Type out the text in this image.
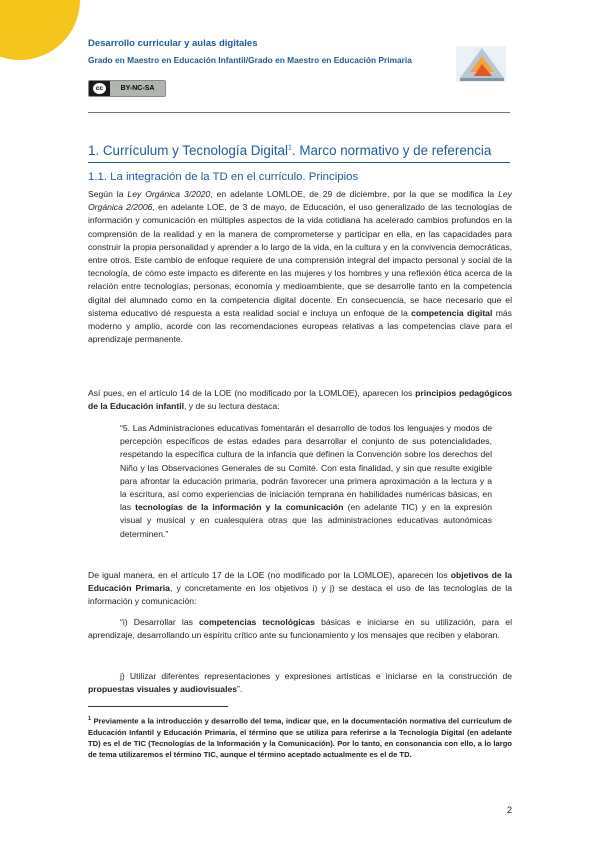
Desarrollo curricular y aulas digitales
Grado en Maestro en Educación Infantil/Grado en Maestro en Educación Primaria
cc	BY-NC-SA
1. Currículum y Tecnología Digital$^1$. Marco normativo y de referencia
1.1. La integración de la TD en el currículo. Principios

Según la Ley Orgánica 3/2020, en adelante LOMLOE, de 29 de diciembre, por la que se modifica la Ley Orgánica 2/2006, en adelante LOE, de 3 de mayo, de Educación, el uso generalizado de las tecnologías de información y comunicación en múltiples aspectos de la vida cotidiana ha acelerado cambios profundos en la comprensión de la realidad y en la manera de comprometerse y participar en ella, en las capacidades para construir la propia personalidad y aprender a lo largo de la vida, en la cultura y en la convivencia democráticas, entre otros. Este cambio de enfoque requiere de una comprensión integral del impacto personal y social de la tecnología, de cómo este impacto es diferente en las mujeres y los hombres y una reflexión ética acerca de la relación entre tecnologías, personas, economía y medioambiente, que se desarrolle tanto en la competencia digital del alumnado como en la competencia digital docente. En consecuencia, se hace necesario que el sistema educativo dé respuesta a esta realidad social e incluya un enfoque de la competencia digital más moderno y amplio, acorde con las recomendaciones europeas relativas a las competencias clave para el aprendizaje permanente.

Así pues, en el artículo 14 de la LOE (no modificado por la LOMLOE), aparecen los principios pedagógicos de la Educación infantil, y de su lectura destaca:

“5. Las Administraciones educativas fomentarán el desarrollo de todos los lenguajes y modos de percepción específicos de estas edades para desarrollar el conjunto de sus potencialidades, respetando la específica cultura de la infancia que definen la Convención sobre los derechos del Niño y las Observaciones Generales de su Comité. Con esta finalidad, y sin que resulte exigible para afrontar la educación primaria, podrán favorecer una primera aproximación a la lectura y a la escritura, así como experiencias de iniciación temprana en habilidades numéricas básicas, en las tecnologías de la información y la comunicación (en adelante TIC) y en la expresión visual y musical y en cualesquiera otras que las administraciones educativas autonómicas determinen.”

De igual manera, en el artículo 17 de la LOE (no modificado por la LOMLOE), aparecen los objetivos de la Educación Primaria, y concretamente en los objetivos i) y j) se destaca el uso de las tecnologías de la información y comunicación:

“i) Desarrollar las competencias tecnológicas básicas e iniciarse en su utilización, para el aprendizaje, desarrollando un espíritu crítico ante su funcionamiento y los mensajes que reciben y elaboran.

j) Utilizar diferentes representaciones y expresiones artísticas e iniciarse en la construcción de propuestas visuales y audiovisuales”.

$^1$ Previamente a la introducción y desarrollo del tema, indicar que, en la documentación normativa del currículum de Educación Infantil y Educación Primaria, el término que se utiliza para referirse a la Tecnología Digital (en adelante TD) es el de TIC (Tecnologías de la Información y la Comunicación). Por lo tanto, en consonancia con ello, a lo largo de tema utilizaremos el término TIC, aunque el término aceptado actualmente es el de TD.
2
